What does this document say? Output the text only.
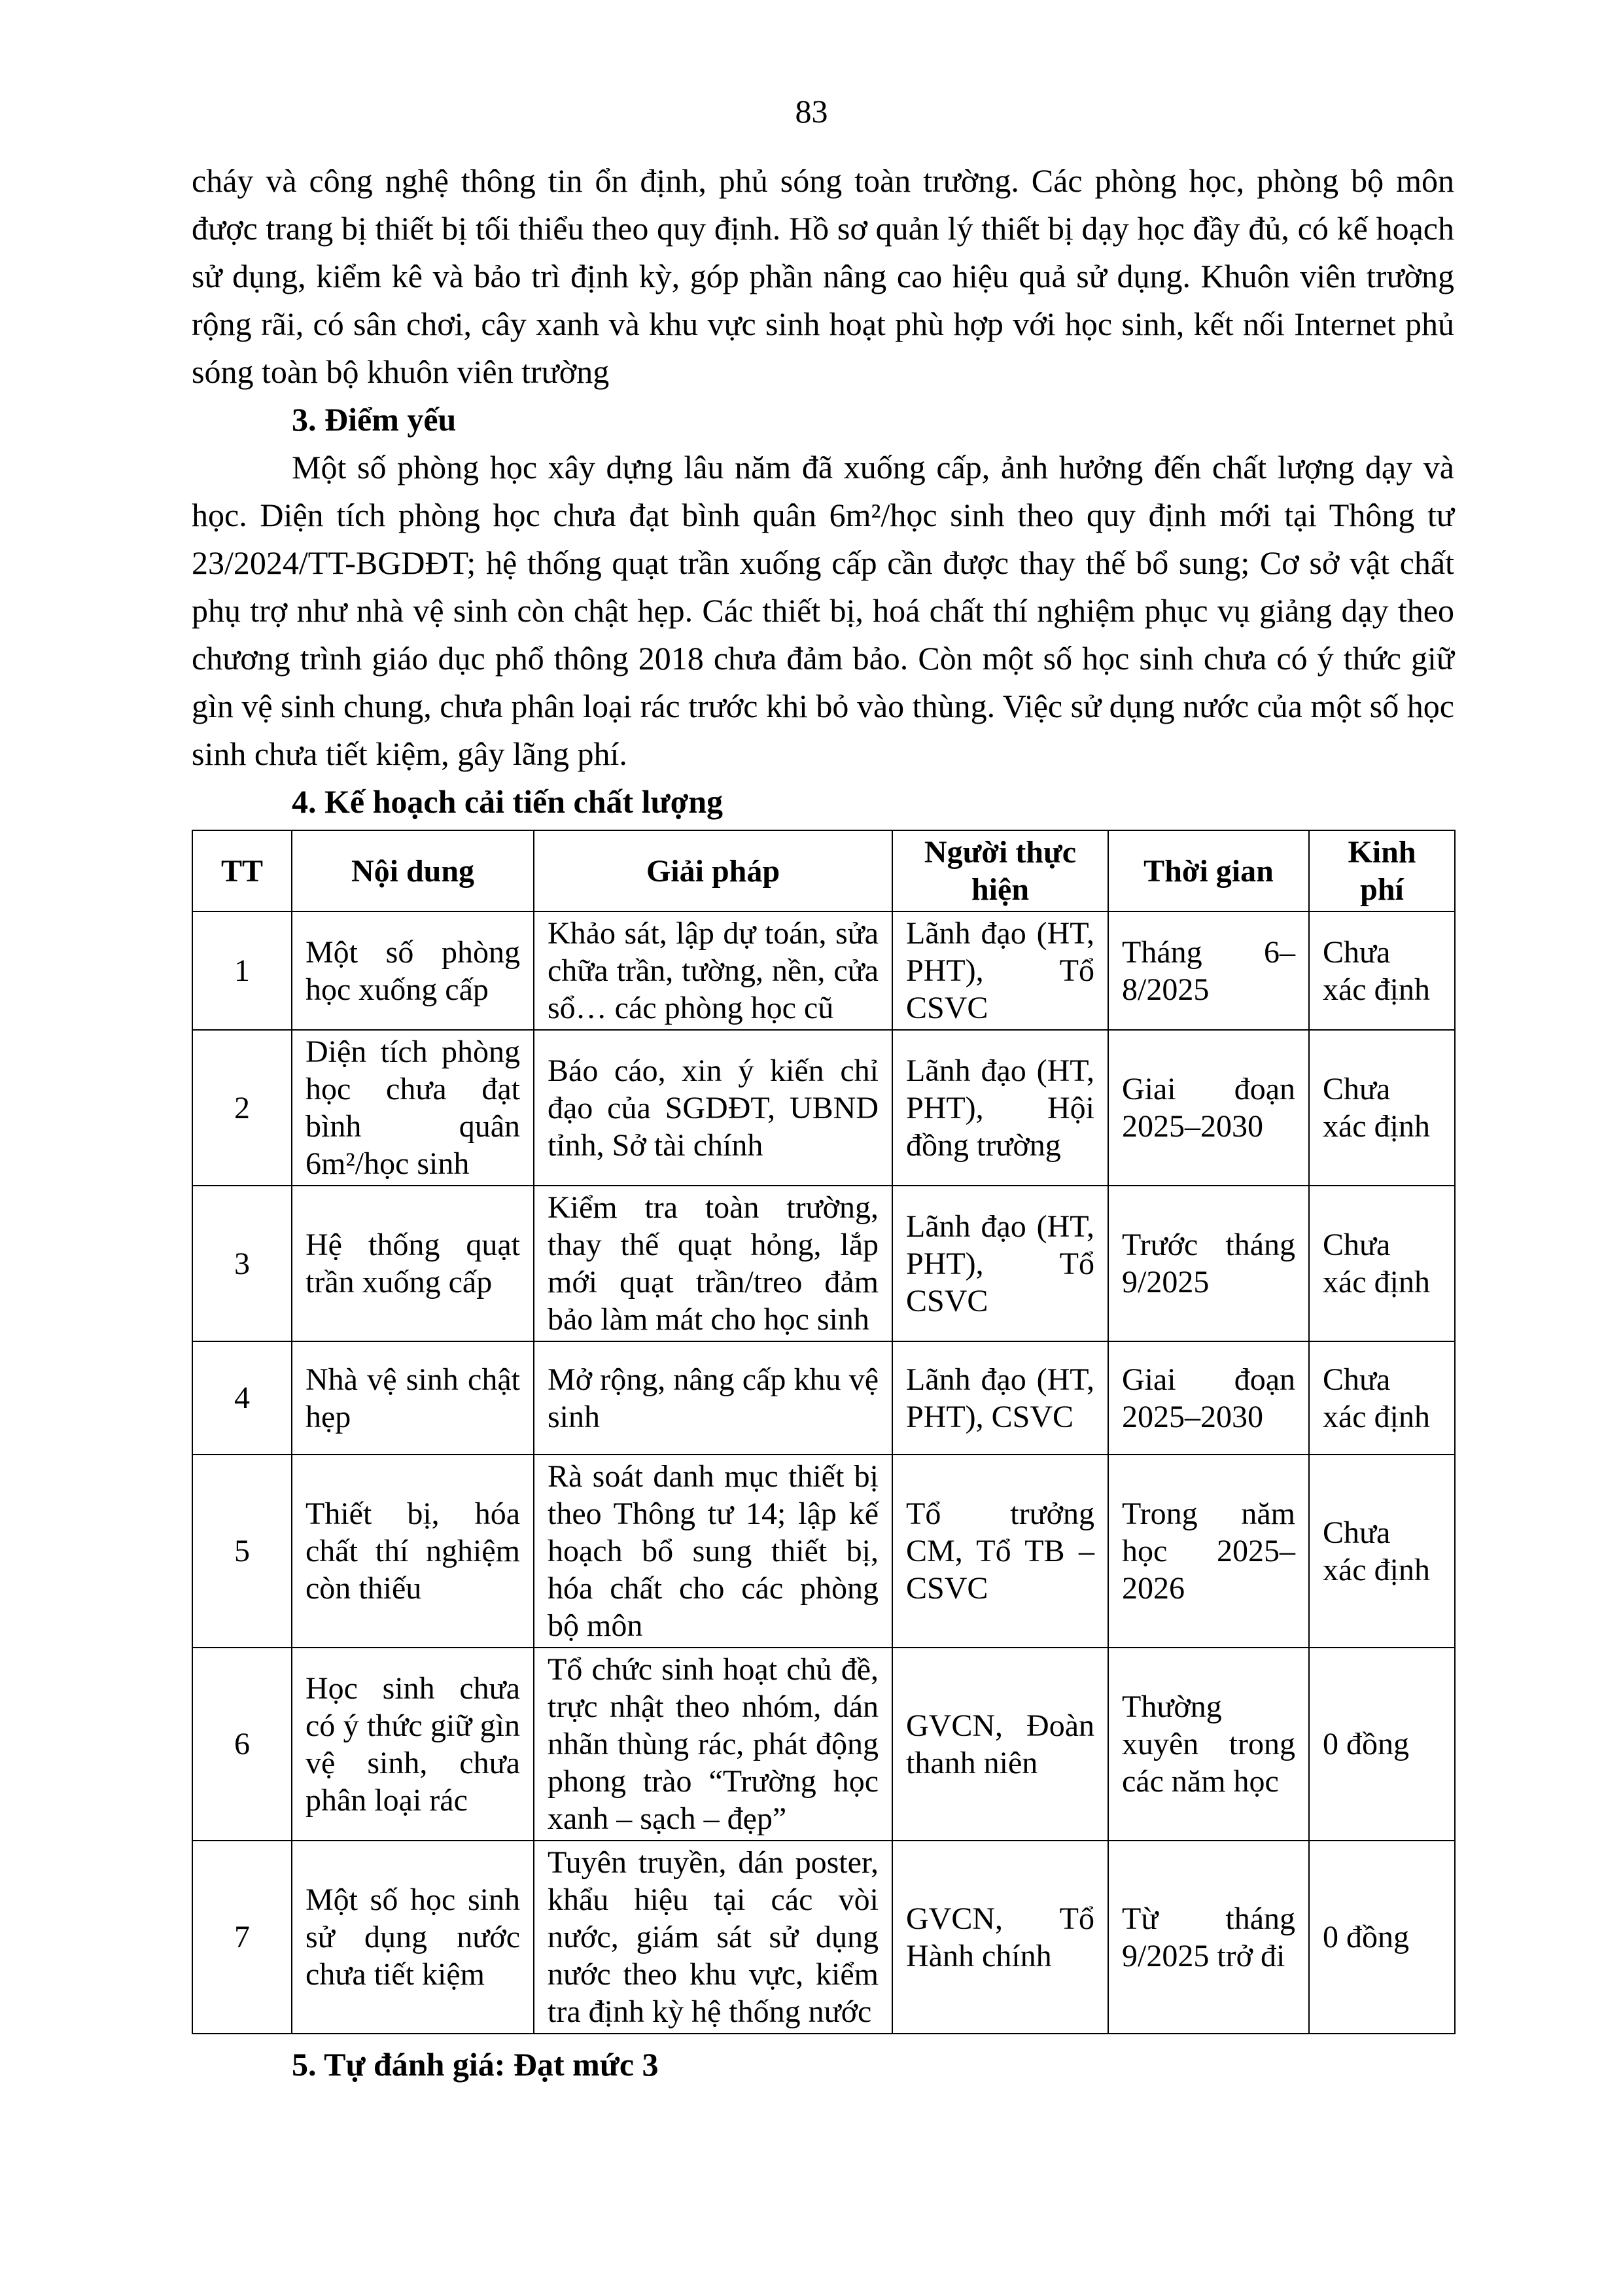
83

cháy và công nghệ thông tin ổn định, phủ sóng toàn trường. Các phòng học, phòng bộ môn được trang bị thiết bị tối thiểu theo quy định. Hồ sơ quản lý thiết bị dạy học đầy đủ, có kế hoạch sử dụng, kiểm kê và bảo trì định kỳ, góp phần nâng cao hiệu quả sử dụng. Khuôn viên trường rộng rãi, có sân chơi, cây xanh và khu vực sinh hoạt phù hợp với học sinh, kết nối Internet phủ sóng toàn bộ khuôn viên trường

3. Điểm yếu

Một số phòng học xây dựng lâu năm đã xuống cấp, ảnh hưởng đến chất lượng dạy và học. Diện tích phòng học chưa đạt bình quân 6m²/học sinh theo quy định mới tại Thông tư 23/2024/TT-BGDĐT; hệ thống quạt trần xuống cấp cần được thay thế bổ sung; Cơ sở vật chất phụ trợ như nhà vệ sinh còn chật hẹp. Các thiết bị, hoá chất thí nghiệm phục vụ giảng dạy theo chương trình giáo dục phổ thông 2018 chưa đảm bảo. Còn một số học sinh chưa có ý thức giữ gìn vệ sinh chung, chưa phân loại rác trước khi bỏ vào thùng. Việc sử dụng nước của một số học sinh chưa tiết kiệm, gây lãng phí.

4. Kế hoạch cải tiến chất lượng

TT	Nội dung	Giải pháp	Người thực hiện	Thời gian	Kinh phí
1	Một số phòng học xuống cấp	Khảo sát, lập dự toán, sửa chữa trần, tường, nền, cửa sổ… các phòng học cũ	Lãnh đạo (HT, PHT), Tổ CSVC	Tháng 6–8/2025	Chưa xác định
2	Diện tích phòng học chưa đạt bình quân 6m²/học sinh	Báo cáo, xin ý kiến chỉ đạo của SGDĐT, UBND tỉnh, Sở tài chính	Lãnh đạo (HT, PHT), Hội đồng trường	Giai đoạn 2025–2030	Chưa xác định
3	Hệ thống quạt trần xuống cấp	Kiểm tra toàn trường, thay thế quạt hỏng, lắp mới quạt trần/treo đảm bảo làm mát cho học sinh	Lãnh đạo (HT, PHT), Tổ CSVC	Trước tháng 9/2025	Chưa xác định
4	Nhà vệ sinh chật hẹp	Mở rộng, nâng cấp khu vệ sinh	Lãnh đạo (HT, PHT), CSVC	Giai đoạn 2025–2030	Chưa xác định
5	Thiết bị, hóa chất thí nghiệm còn thiếu	Rà soát danh mục thiết bị theo Thông tư 14; lập kế hoạch bổ sung thiết bị, hóa chất cho các phòng bộ môn	Tổ trưởng CM, Tổ TB – CSVC	Trong năm học 2025–2026	Chưa xác định
6	Học sinh chưa có ý thức giữ gìn vệ sinh, chưa phân loại rác	Tổ chức sinh hoạt chủ đề, trực nhật theo nhóm, dán nhãn thùng rác, phát động phong trào “Trường học xanh – sạch – đẹp”	GVCN, Đoàn thanh niên	Thường xuyên trong các năm học	0 đồng
7	Một số học sinh sử dụng nước chưa tiết kiệm	Tuyên truyền, dán poster, khẩu hiệu tại các vòi nước, giám sát sử dụng nước theo khu vực, kiểm tra định kỳ hệ thống nước	GVCN, Tổ Hành chính	Từ tháng 9/2025 trở đi	0 đồng

5. Tự đánh giá: Đạt mức 3
